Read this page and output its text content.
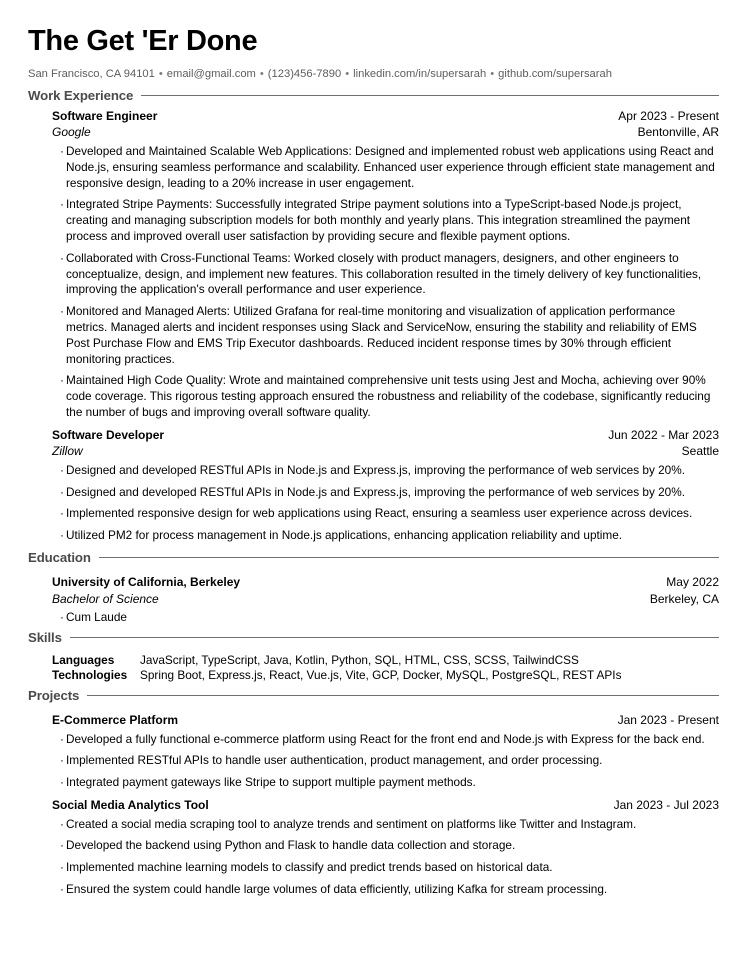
The Get 'Er Done
San Francisco, CA 94101 • email@gmail.com • (123)456-7890 • linkedin.com/in/supersarah • github.com/supersarah
Work Experience
Software Engineer	Apr 2023 - Present
Google	Bentonville, AR
· Developed and Maintained Scalable Web Applications: Designed and implemented robust web applications using React and Node.js, ensuring seamless performance and scalability. Enhanced user experience through efficient state management and responsive design, leading to a 20% increase in user engagement.
· Integrated Stripe Payments: Successfully integrated Stripe payment solutions into a TypeScript-based Node.js project, creating and managing subscription models for both monthly and yearly plans. This integration streamlined the payment process and improved overall user satisfaction by providing secure and flexible payment options.
· Collaborated with Cross-Functional Teams: Worked closely with product managers, designers, and other engineers to conceptualize, design, and implement new features. This collaboration resulted in the timely delivery of key functionalities, improving the application's overall performance and user experience.
· Monitored and Managed Alerts: Utilized Grafana for real-time monitoring and visualization of application performance metrics. Managed alerts and incident responses using Slack and ServiceNow, ensuring the stability and reliability of EMS Post Purchase Flow and EMS Trip Executor dashboards. Reduced incident response times by 30% through efficient monitoring practices.
· Maintained High Code Quality: Wrote and maintained comprehensive unit tests using Jest and Mocha, achieving over 90% code coverage. This rigorous testing approach ensured the robustness and reliability of the codebase, significantly reducing the number of bugs and improving overall software quality.
Software Developer	Jun 2022 - Mar 2023
Zillow	Seattle
· Designed and developed RESTful APIs in Node.js and Express.js, improving the performance of web services by 20%.
· Designed and developed RESTful APIs in Node.js and Express.js, improving the performance of web services by 20%.
· Implemented responsive design for web applications using React, ensuring a seamless user experience across devices.
· Utilized PM2 for process management in Node.js applications, enhancing application reliability and uptime.
Education
University of California, Berkeley	May 2022
Bachelor of Science	Berkeley, CA
· Cum Laude
Skills
Languages	JavaScript, TypeScript, Java, Kotlin, Python, SQL, HTML, CSS, SCSS, TailwindCSS
Technologies Spring Boot, Express.js, React, Vue.js, Vite, GCP, Docker, MySQL, PostgreSQL, REST APIs
Projects
E-Commerce Platform	Jan 2023 - Present
· Developed a fully functional e-commerce platform using React for the front end and Node.js with Express for the back end.
· Implemented RESTful APIs to handle user authentication, product management, and order processing.
· Integrated payment gateways like Stripe to support multiple payment methods.
Social Media Analytics Tool	Jan 2023 - Jul 2023
· Created a social media scraping tool to analyze trends and sentiment on platforms like Twitter and Instagram.
· Developed the backend using Python and Flask to handle data collection and storage.
· Implemented machine learning models to classify and predict trends based on historical data.
· Ensured the system could handle large volumes of data efficiently, utilizing Kafka for stream processing.
